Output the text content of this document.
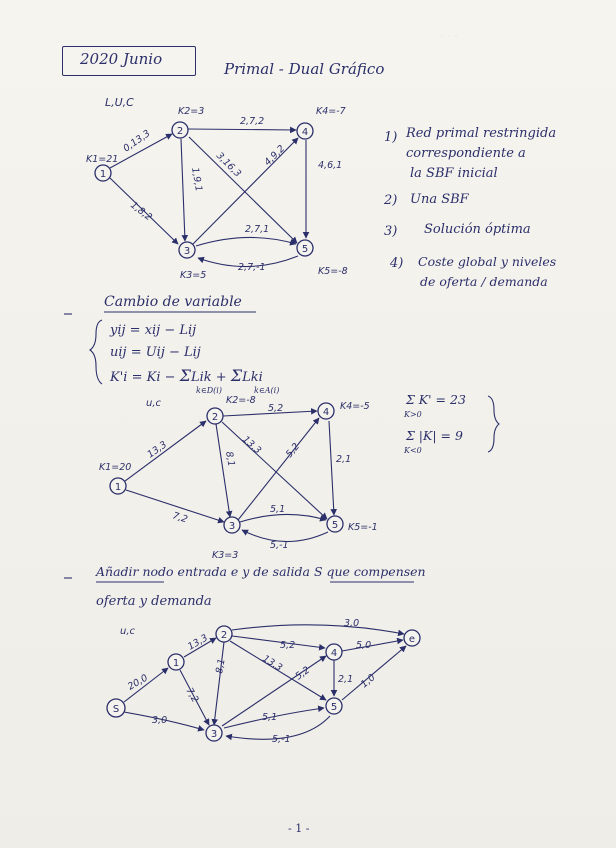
· · ·
2020 Junio
Primal - Dual Gráfico
1
2
3
4
5
L,U,C
K1=21
K2=3
K3=5
K4=-7
K5=-8
0,13,3
1,8,2
2,7,2
1,9,1 3,16,3 4,9,2	4,6,1
2,7,1
2,7,-1
1
2
3
4
5
u,c
K1=20
K2=-8
K3=3
K4=-5
K5=-1
13,3
7,2
5,2
8,1
13,3 5,2	2,1
5,1
5,-1
S
1
2
3
4
5
e
u,c
20,0
3,0
13,3
7,2
5,2
8,1	13,3 5,2	2,1
5,1
5,-1
3,0
5,0
1,0
1) Red primal restringida
correspondiente a
la SBF inicial
2) Una SBF
3) Solución óptima
4) Coste global y niveles
de oferta / demanda
Cambio de variable
yij = xij − Lij
uij = Uij − Lij
K'i = Ki − ΣLik + ΣLki
k∈D(i)	k∈A(i)
Σ K' = 23
K>0
Σ |K| = 9
K<0
Añadir nodo entrada e y de salida S que compensen
oferta y demanda
- 1 -
